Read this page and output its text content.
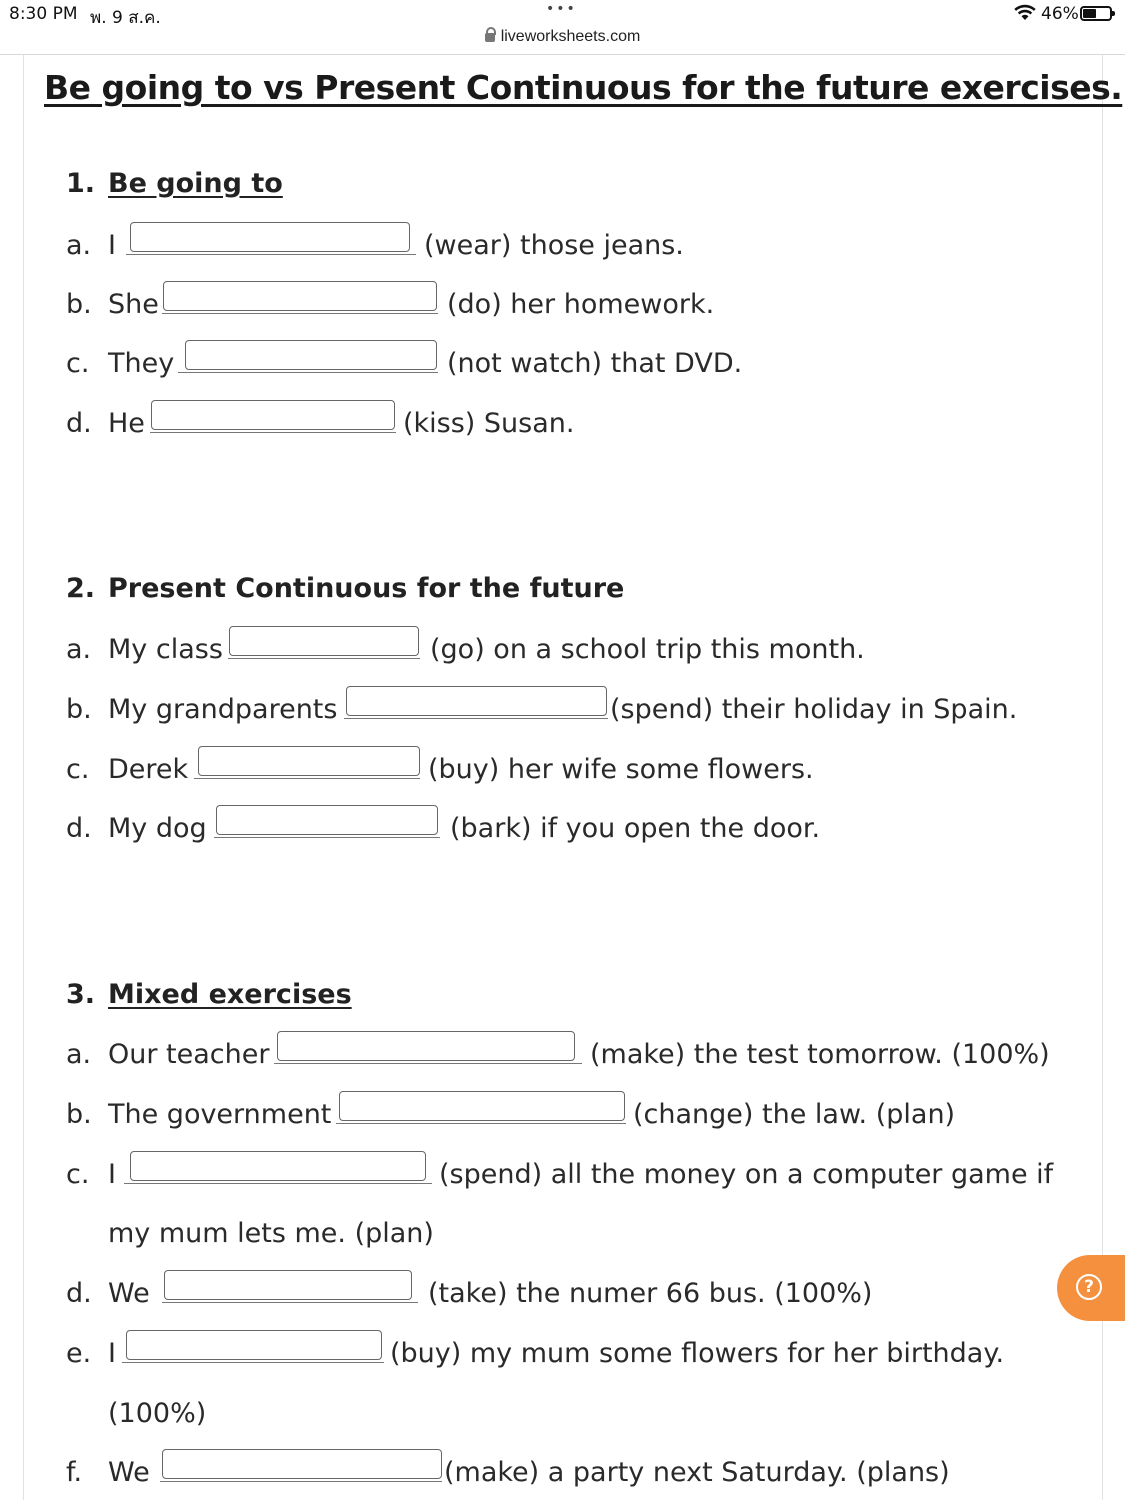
8:30 PM พ. 9 ส.ค.	•••	46%
liveworksheets.com
Be going to vs Present Continuous for the future exercises.
1. Be going to
a. I	(wear) those jeans.
b. She	(do) her homework.
c. They	(not watch) that DVD.
d. He	(kiss) Susan.
2. Present Continuous for the future
a. My class	(go) on a school trip this month.
b. My grandparents	(spend) their holiday in Spain.
c. Derek	(buy) her wife some flowers.
d. My dog	(bark) if you open the door.
3. Mixed exercises
a. Our teacher	(make) the test tomorrow. (100%)
b. The government	(change) the law. (plan)
c. I	(spend) all the money on a computer game if
my mum lets me. (plan)
d. We	(take) the numer 66 bus. (100%)
e. I	(buy) my mum some flowers for her birthday.
(100%)
f. We	(make) a party next Saturday. (plans)
?
